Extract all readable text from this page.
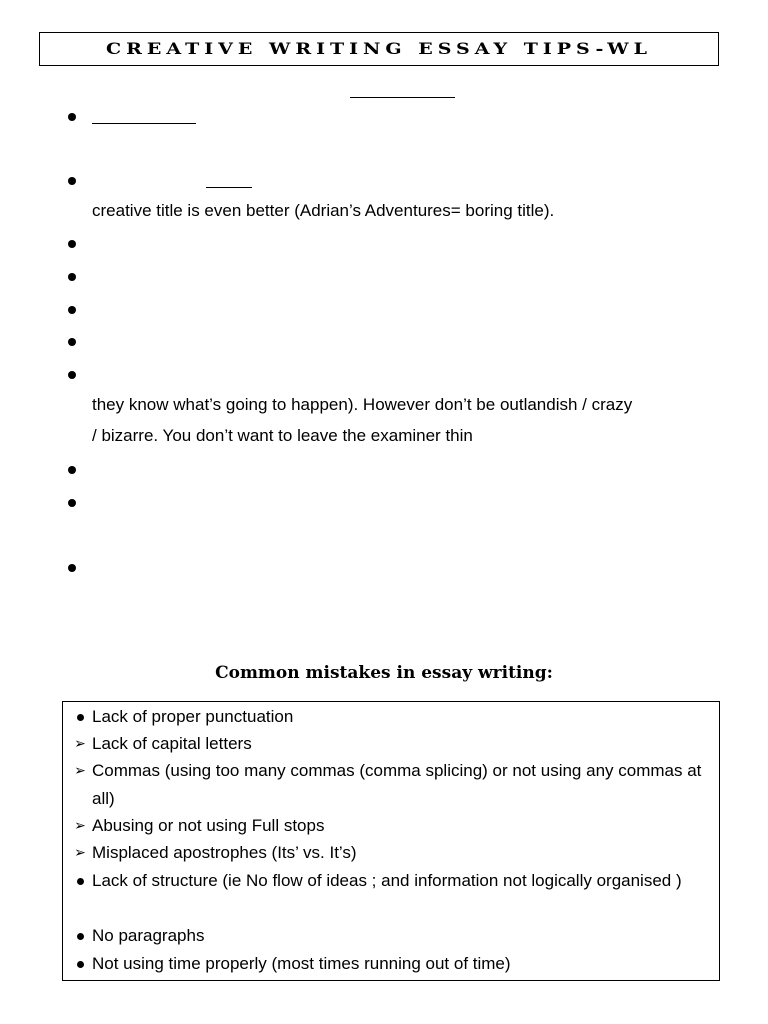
CREATIVE WRITING ESSAY TIPS-WL
creative title is even better (Adrian’s Adventures= boring title).
they know what’s going to happen). However don’t be outlandish / crazy
/ bizarre. You don’t want to leave the examiner thin
Common mistakes in essay writing:
Lack of proper punctuation
➢ Lack of capital letters
➢ Commas (using too many commas (comma splicing) or not using any commas at all)
➢ Abusing or not using Full stops
➢ Misplaced apostrophes (Its’ vs. It’s)
Lack of structure (ie No flow of ideas ; and information not logically organised )
No paragraphs
Not using time properly (most times running out of time)
